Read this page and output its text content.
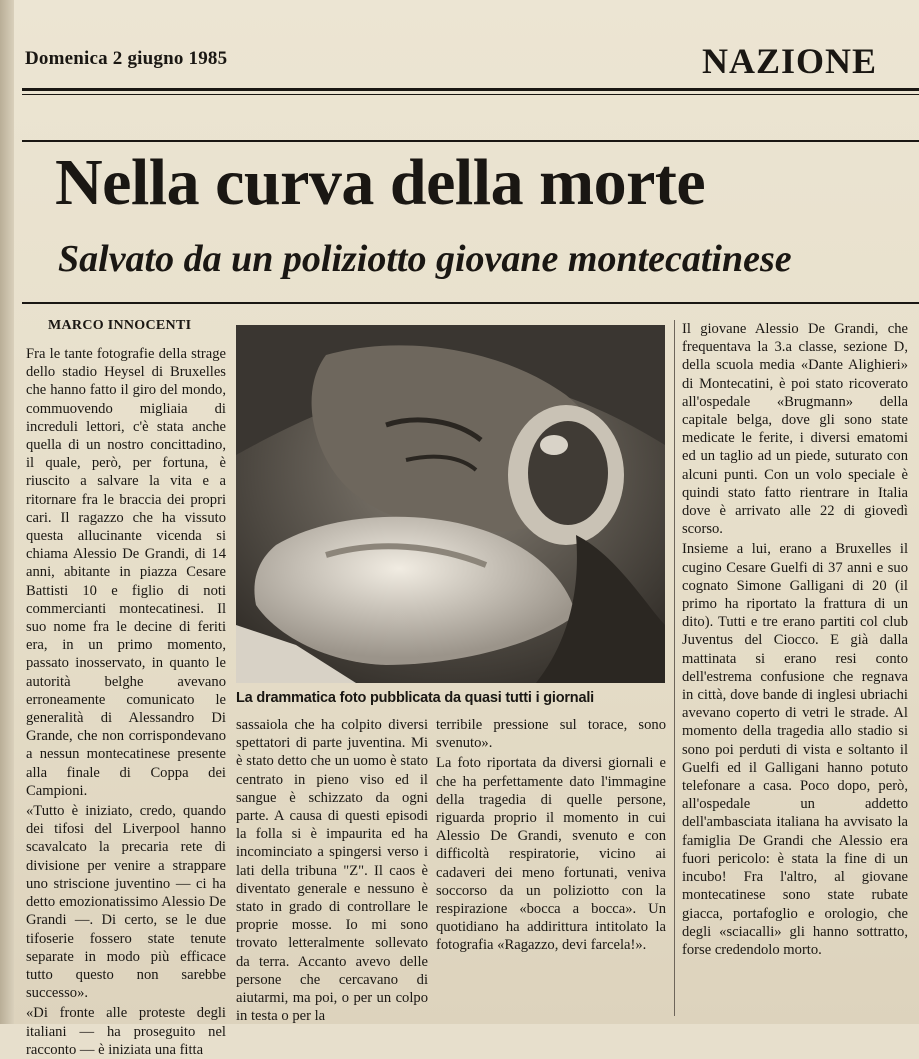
Domenica 2 giugno 1985	NAZIONE
Nella curva della morte
Salvato da un poliziotto giovane montecatinese
MARCO INNOCENTI

Fra le tante fotografie della strage dello stadio Heysel di Bruxelles che hanno fatto il giro del mondo, commuovendo migliaia di increduli lettori, c'è stata anche quella di un nostro concittadino, il quale, però, per fortuna, è riuscito a salvare la vita e a ritornare fra le braccia dei propri cari. Il ragazzo che ha vissuto questa allucinante vicenda si chiama Alessio De Grandi, di 14 anni, abitante in piazza Cesare Battisti 10 e figlio di noti commercianti montecatinesi. Il suo nome fra le decine di feriti era, in un primo momento, passato inosservato, in quanto le autorità belghe avevano erroneamente comunicato le generalità di Alessandro Di Grande, che non corrispondevano a nessun montecatinese presente alla finale di Coppa dei Campioni.

«Tutto è iniziato, credo, quando dei tifosi del Liverpool hanno scavalcato la precaria rete di divisione per venire a strappare uno striscione juventino — ci ha detto emozionatissimo Alessio De Grandi —. Di certo, se le due tifoserie fossero state tenute separate in modo più efficace tutto questo non sarebbe successo».

«Di fronte alle proteste degli italiani — ha proseguito nel racconto — è iniziata una fitta

La drammatica foto pubblicata da quasi tutti i giornali

sassaiola che ha colpito diversi spettatori di parte juventina. Mi è stato detto che un uomo è stato centrato in pieno viso ed il sangue è schizzato da ogni parte. A causa di questi episodi la folla si è impaurita ed ha incominciato a spingersi verso i lati della tribuna "Z". Il caos è diventato generale e nessuno è stato in grado di controllare le proprie mosse. Io mi sono trovato letteralmente sollevato da terra. Accanto avevo delle persone che cercavano di aiutarmi, ma poi, o per un colpo in testa o per la

terribile pressione sul torace, sono svenuto».

La foto riportata da diversi giornali e che ha perfettamente dato l'immagine della tragedia di quelle persone, riguarda proprio il momento in cui Alessio De Grandi, svenuto e con difficoltà respiratorie, vicino ai cadaveri dei meno fortunati, veniva soccorso da un poliziotto con la respirazione «bocca a bocca». Un quotidiano ha addirittura intitolato la fotografia «Ragazzo, devi farcela!».

Il giovane Alessio De Grandi, che frequentava la 3.a classe, sezione D, della scuola media «Dante Alighieri» di Montecatini, è poi stato ricoverato all'ospedale «Brugmann» della capitale belga, dove gli sono state medicate le ferite, i diversi ematomi ed un taglio ad un piede, suturato con alcuni punti. Con un volo speciale è quindi stato fatto rientrare in Italia dove è arrivato alle 22 di giovedì scorso.

Insieme a lui, erano a Bruxelles il cugino Cesare Guelfi di 37 anni e suo cognato Simone Galligani di 20 (il primo ha riportato la frattura di un dito). Tutti e tre erano partiti col club Juventus del Ciocco. E già dalla mattinata si erano resi conto dell'estrema confusione che regnava in città, dove bande di inglesi ubriachi avevano coperto di vetri le strade. Al momento della tragedia allo stadio si sono poi perduti di vista e soltanto il Guelfi ed il Galligani hanno potuto telefonare a casa. Poco dopo, però, all'ospedale un addetto dell'ambasciata italiana ha avvisato la famiglia De Grandi che Alessio era fuori pericolo: è stata la fine di un incubo! Fra l'altro, al giovane montecatinese sono state rubate giacca, portafoglio e orologio, che degli «sciacalli» gli hanno sottratto, forse credendolo morto.
